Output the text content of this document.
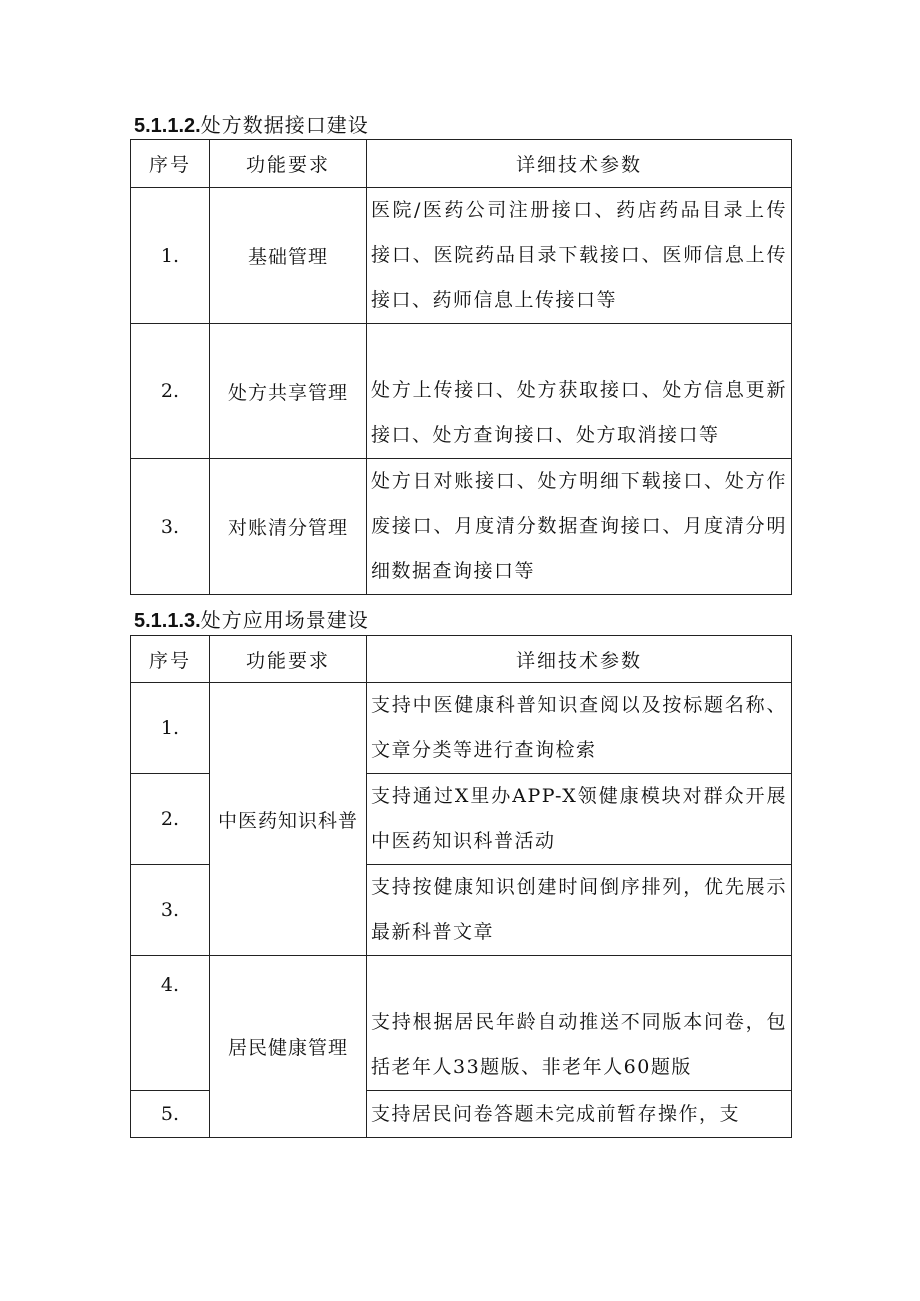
5.1.1.2.处方数据接口建设
序号	功能要求	详细技术参数
1.	基础管理	医院/医药公司注册接口、药店药品目录上传接口、医院药品目录下载接口、医师信息上传接口、药师信息上传接口等
2.	处方共享管理	处方上传接口、处方获取接口、处方信息更新接口、处方查询接口、处方取消接口等
3.	对账清分管理	处方日对账接口、处方明细下载接口、处方作废接口、月度清分数据查询接口、月度清分明细数据查询接口等
5.1.1.3.处方应用场景建设
序号	功能要求	详细技术参数
1.	中医药知识科普	支持中医健康科普知识查阅以及按标题名称、文章分类等进行查询检索
2.		支持通过X里办APP-X领健康模块对群众开展中医药知识科普活动
3.		支持按健康知识创建时间倒序排列，优先展示最新科普文章
4.	居民健康管理	支持根据居民年龄自动推送不同版本问卷，包括老年人33题版、非老年人60题版
5.		支持居民问卷答题未完成前暂存操作，支
